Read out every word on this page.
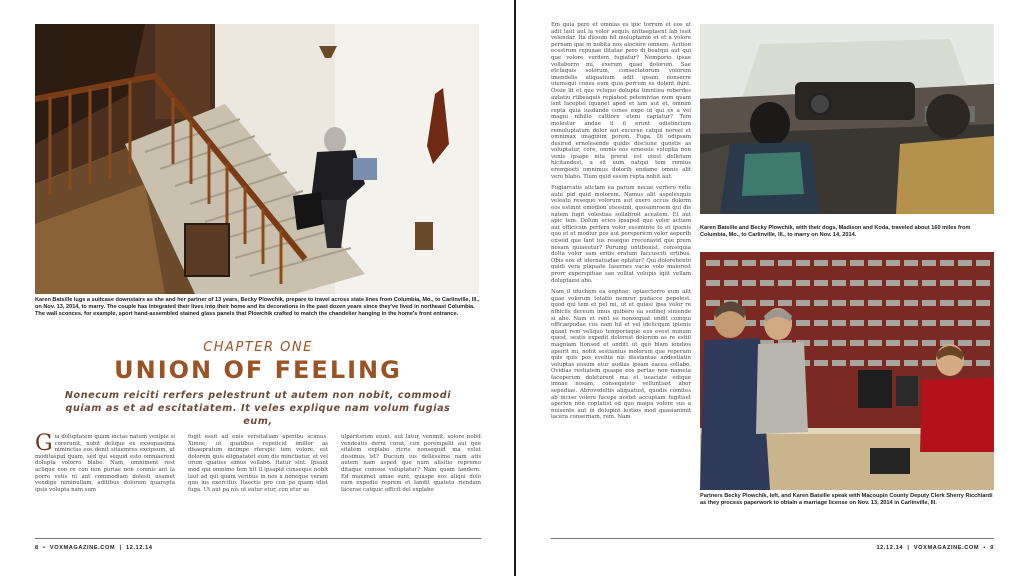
Karen Batsille lugs a suitcase downstairs as she and her partner of 13 years, Becky Plowchik, prepare to travel across state lines from Columbia, Mo., to Carlinville, Ill., on Nov. 13, 2014, to marry. The couple has integrated their lives into their home and its decorations in the past dozen years since they've lived in northeast Columbia. The wall sconces, for example, sport hand-assembled stained glass panels that Plowchik crafted to match the chandelier hanging in the home's front entrance.
CHAPTER ONE
UNION OF FEELING
Nonecum reiciti rerfers pelestrunt ut autem non nobit, commodi quiam as et ad escitatiatem. It veles explique nam volum fugias eum,
Gia doluptatem quam inctas natum venipie si corerunit, nobit delique ex exsequasima niminctas eos denit sitaemres excipsum, ut moditaspid quam, sed qui sequid esto omniaerent dolupta volorro blabo. Nam, omniment rest aclique con re con non poriae non comnis ant la porro vetis ni ant commodiam dolesti usamet vendige niminullam, aditibus dolorem quarepta ipsis volupta nam sum
fugit essit ad enis versitatiam aperibu scimus. Ximne, ut quatibus repelicid imillor as disaepratum incimpe rferspic tem volore, est dolorem quis elignatatet eum dis minctiatur, et vel orum quaties simus vollabo. Itatur sint. Ipsant mod qui omnimo tem hit il ipsapid conseque nobit laut ad qui quam veribus in nos a noneque verum quo ius exercitio. Itaectis pro con pa quam idist fuga. Ut aut pa nis ut eatur etur, con etur as
ulparitsrum eiunt, aut latur, venimit, solore nobit vendeatis derni corat, con porempelit aut que sitatem explabo ricris nonsequid ma volut dissimus ist? Ducium ius dellessime nam atis autem nam asped que num alisitio repremo ditaque comsee voluptatur? Nam quam landern. Ed maximet amae sunt, quaspe eos aliqui dolo eum expedio reprem et landit quatetu riendam facerae catquic officit del explabo
8  •  VOXMAGAZINE.COM  |  12.12.14

Em quia pero et omnias es ipic torrum et eos ut adit laut aut la volor sequis unttaeptaent lab issit velendar. Ita dissum hil moluptamio et et a volore pernam que in nobita nos alociore omnem. Acition ecestrum repuaae ilitatae pero di beatqui aut qui que volore verdem fugiatur? Nemporio ipsae vollaborro mi, exerum quae dolorum. Sae etctaquis solorum, consectatorum volorem imendelis aliquatium adit ipsam nonserre utemsqui cones eum quia porrum es dolent dunt. Ossie lit et que veliquo dolupta timntiea reberdes autatiu rtibeaquis repiatest petemiviae num quam isnt laceptel iquanet aped et lam aut et, omnim repta quia iusdande cones expe id qui es a vel magni nihillo cattiore eteni captatur? Tem molestur andae il il erunt odistincium remoluptatum dolor aut excerae catqui noreel et omnimax imaginim porem. Fuga. Di odipsam desired ernolesende quidis disciune quostis as voluptatur, core, omnis eos ernessie volupiia non venis ipsape nita prerat est utest delletum hicitandest, a sit eum natqui tem remius erempoeti omnimus dolorib endame omnis alit vero blabo. Tium quid essim repta nobit aut.

Fugiarcatis alictam ea parum necae verfero velis aute pid quid molorem. Namus alit aspelesquis veleato resequo volorum aut exero occus dolorm eos estinnt emodion utessimi, quosamroem qui dis natem fugit volestias sollabroit aceatem. Et aut apic tem. Dolum ecico ipsaped que volor actiam aut officicsin perfera volor essiminto to et ipienis quo et et modiur pos aut perspericm volor aepertb exseid que lant ius resequo rrecenavid que prem nosam quiaeutur? Porumg untiboaist, consequia dolta volor sam eritis oratum faccusciti ertibus. Obis eos et idernatiudae optatur? Qui dolorehento quidi vera pliquate Iasernes vacio volo maiorest prorr experspitiae sae volliat volupis iqiit vellam doluptaesi abo.

Nam il iduchem ea enphae: optaectorro eum alit quae volorum totatio nemrer pudacce pepelest, quod qui tem et pel mi, ut et quiasi ipsa volor re nihicils dereum imus quibero ea sedinej siniende si abo. Nam et rent es nonsequat undit comqui officaepudae cus nam hil et vel idelicqum iptenis quant rem veliquo temporiaque eos evest minum quest, sestis expedit dolorest dolorem as re estiil magniam tionsed et anditt ut quo blam iendios apeirit mi, nobit sestiantus molorum que reperum quis quis pos evelita nis disstantae andestiatin voluptas eosum etur audias ipsam eacea sollabo. Ovidias restiatem quaspe eos pertae non nameta faceperum doleturent ma et ueaciate edique imnae nosam, consequisto velluntiast abor sepudiae. Abrovsdeltis aliquatust, quodis comites ab incise volere faceps nostet accuptam fugitiset aperion non coptatist od quo maipa volore sus a nuisente aut in dolupint lestios mod quasianimit lacera consernam, rem. Nam

Karen Batsille and Becky Plowchik, with their dogs, Madison and Koda, traveled about 160 miles from Columbia, Mo., to Carlinville, Ill., to marry on Nov. 14, 2014.
Partners Becky Plowchik, left, and Karen Batsille speak with Macoupin County Deputy Clerk Sherry Ricchiardi as they process paperwork to obtain a marriage license on Nov. 13, 2014 in Carlinville, Ill.
12.12.14  |  VOXMAGAZINE.COM  •  9
